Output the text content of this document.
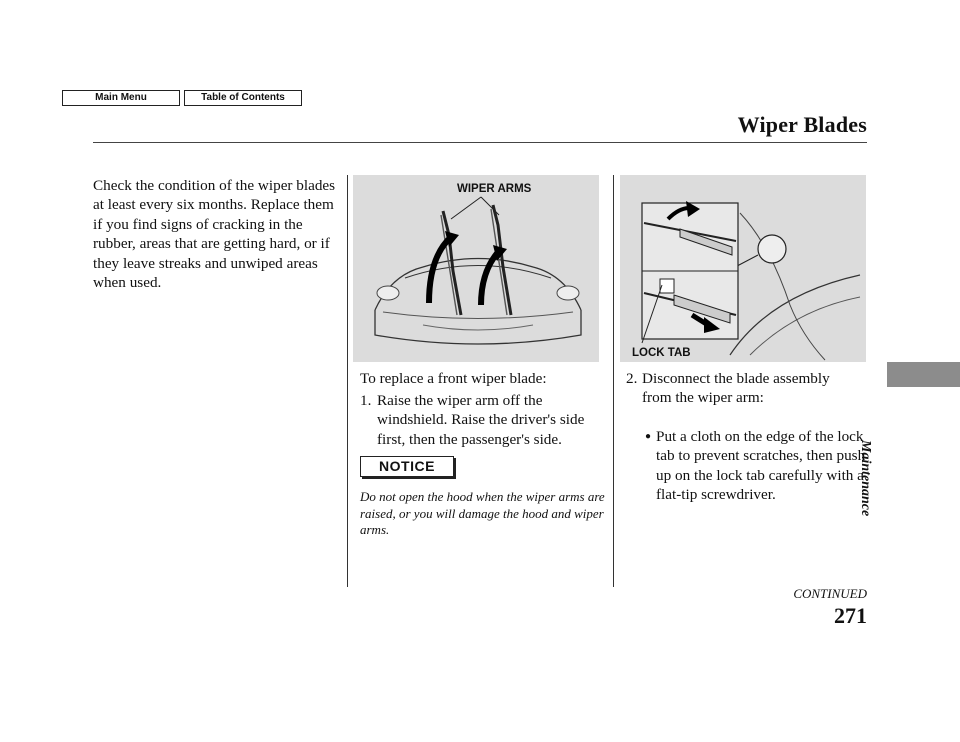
Main Menu	Table of Contents
Wiper Blades
Check the condition of the wiper blades at least every six months. Replace them if you find signs of cracking in the rubber, areas that are getting hard, or if they leave streaks and unwiped areas when used.
WIPER ARMS
To replace a front wiper blade:
1. Raise the wiper arm off the windshield. Raise the driver's side first, then the passenger's side.
NOTICE
Do not open the hood when the wiper arms are raised, or you will damage the hood and wiper arms.
LOCK TAB
2. Disconnect the blade assembly from the wiper arm:
● Put a cloth on the edge of the lock tab to prevent scratches, then push up on the lock tab carefully with a flat-tip screwdriver.
CONTINUED
271
Maintenance
